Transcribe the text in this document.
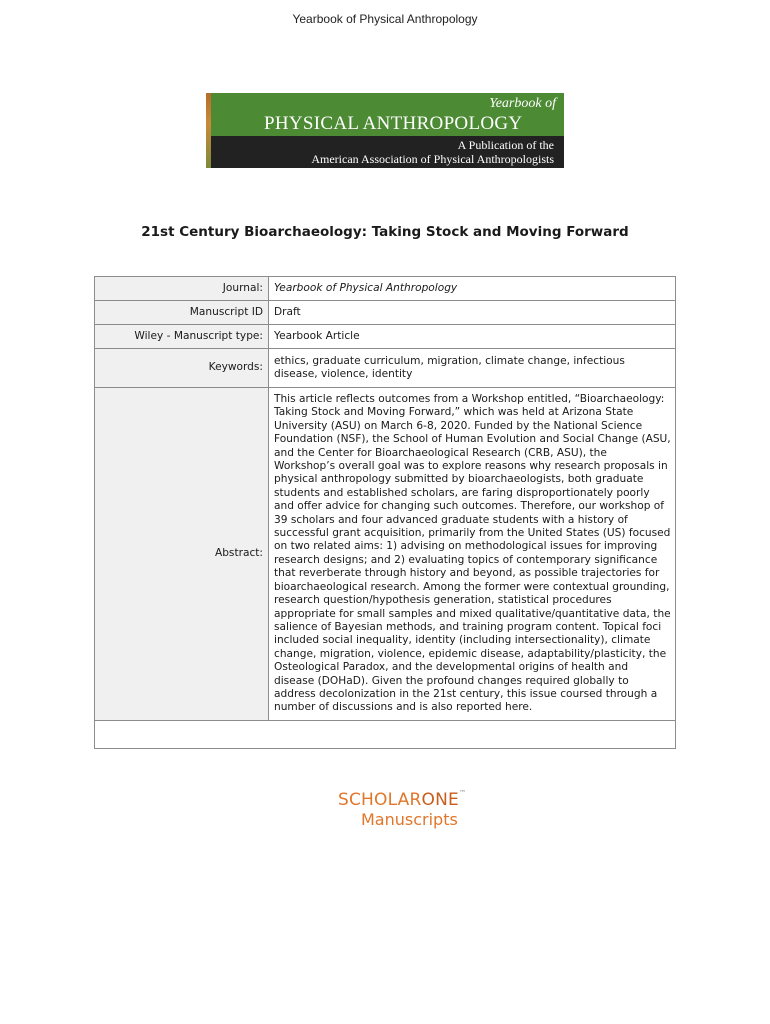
Yearbook of Physical Anthropology
Yearbook of
PHYSICAL ANTHROPOLOGY
A Publication of the
American Association of Physical Anthropologists
21st Century Bioarchaeology: Taking Stock and Moving Forward
Journal:	Yearbook of Physical Anthropology
Manuscript ID	Draft
Wiley - Manuscript type:	Yearbook Article
Keywords:	ethics, graduate curriculum, migration, climate change, infectious disease, violence, identity
Abstract:	This article reflects outcomes from a Workshop entitled, “Bioarchaeology: Taking Stock and Moving Forward,” which was held at Arizona State University (ASU) on March 6-8, 2020. Funded by the National Science Foundation (NSF), the School of Human Evolution and Social Change (ASU, and the Center for Bioarchaeological Research (CRB, ASU), the Workshop’s overall goal was to explore reasons why research proposals in physical anthropology submitted by bioarchaeologists, both graduate students and established scholars, are faring disproportionately poorly and offer advice for changing such outcomes. Therefore, our workshop of 39 scholars and four advanced graduate students with a history of successful grant acquisition, primarily from the United States (US) focused on two related aims: 1) advising on methodological issues for improving research designs; and 2) evaluating topics of contemporary significance that reverberate through history and beyond, as possible trajectories for bioarchaeological research. Among the former were contextual grounding, research question/hypothesis generation, statistical procedures appropriate for small samples and mixed qualitative/quantitative data, the salience of Bayesian methods, and training program content. Topical foci included social inequality, identity (including intersectionality), climate change, migration, violence, epidemic disease, adaptability/plasticity, the Osteological Paradox, and the developmental origins of health and disease (DOHaD). Given the profound changes required globally to address decolonization in the 21st century, this issue coursed through a number of discussions and is also reported here.

SCHOLARONE™
Manuscripts
